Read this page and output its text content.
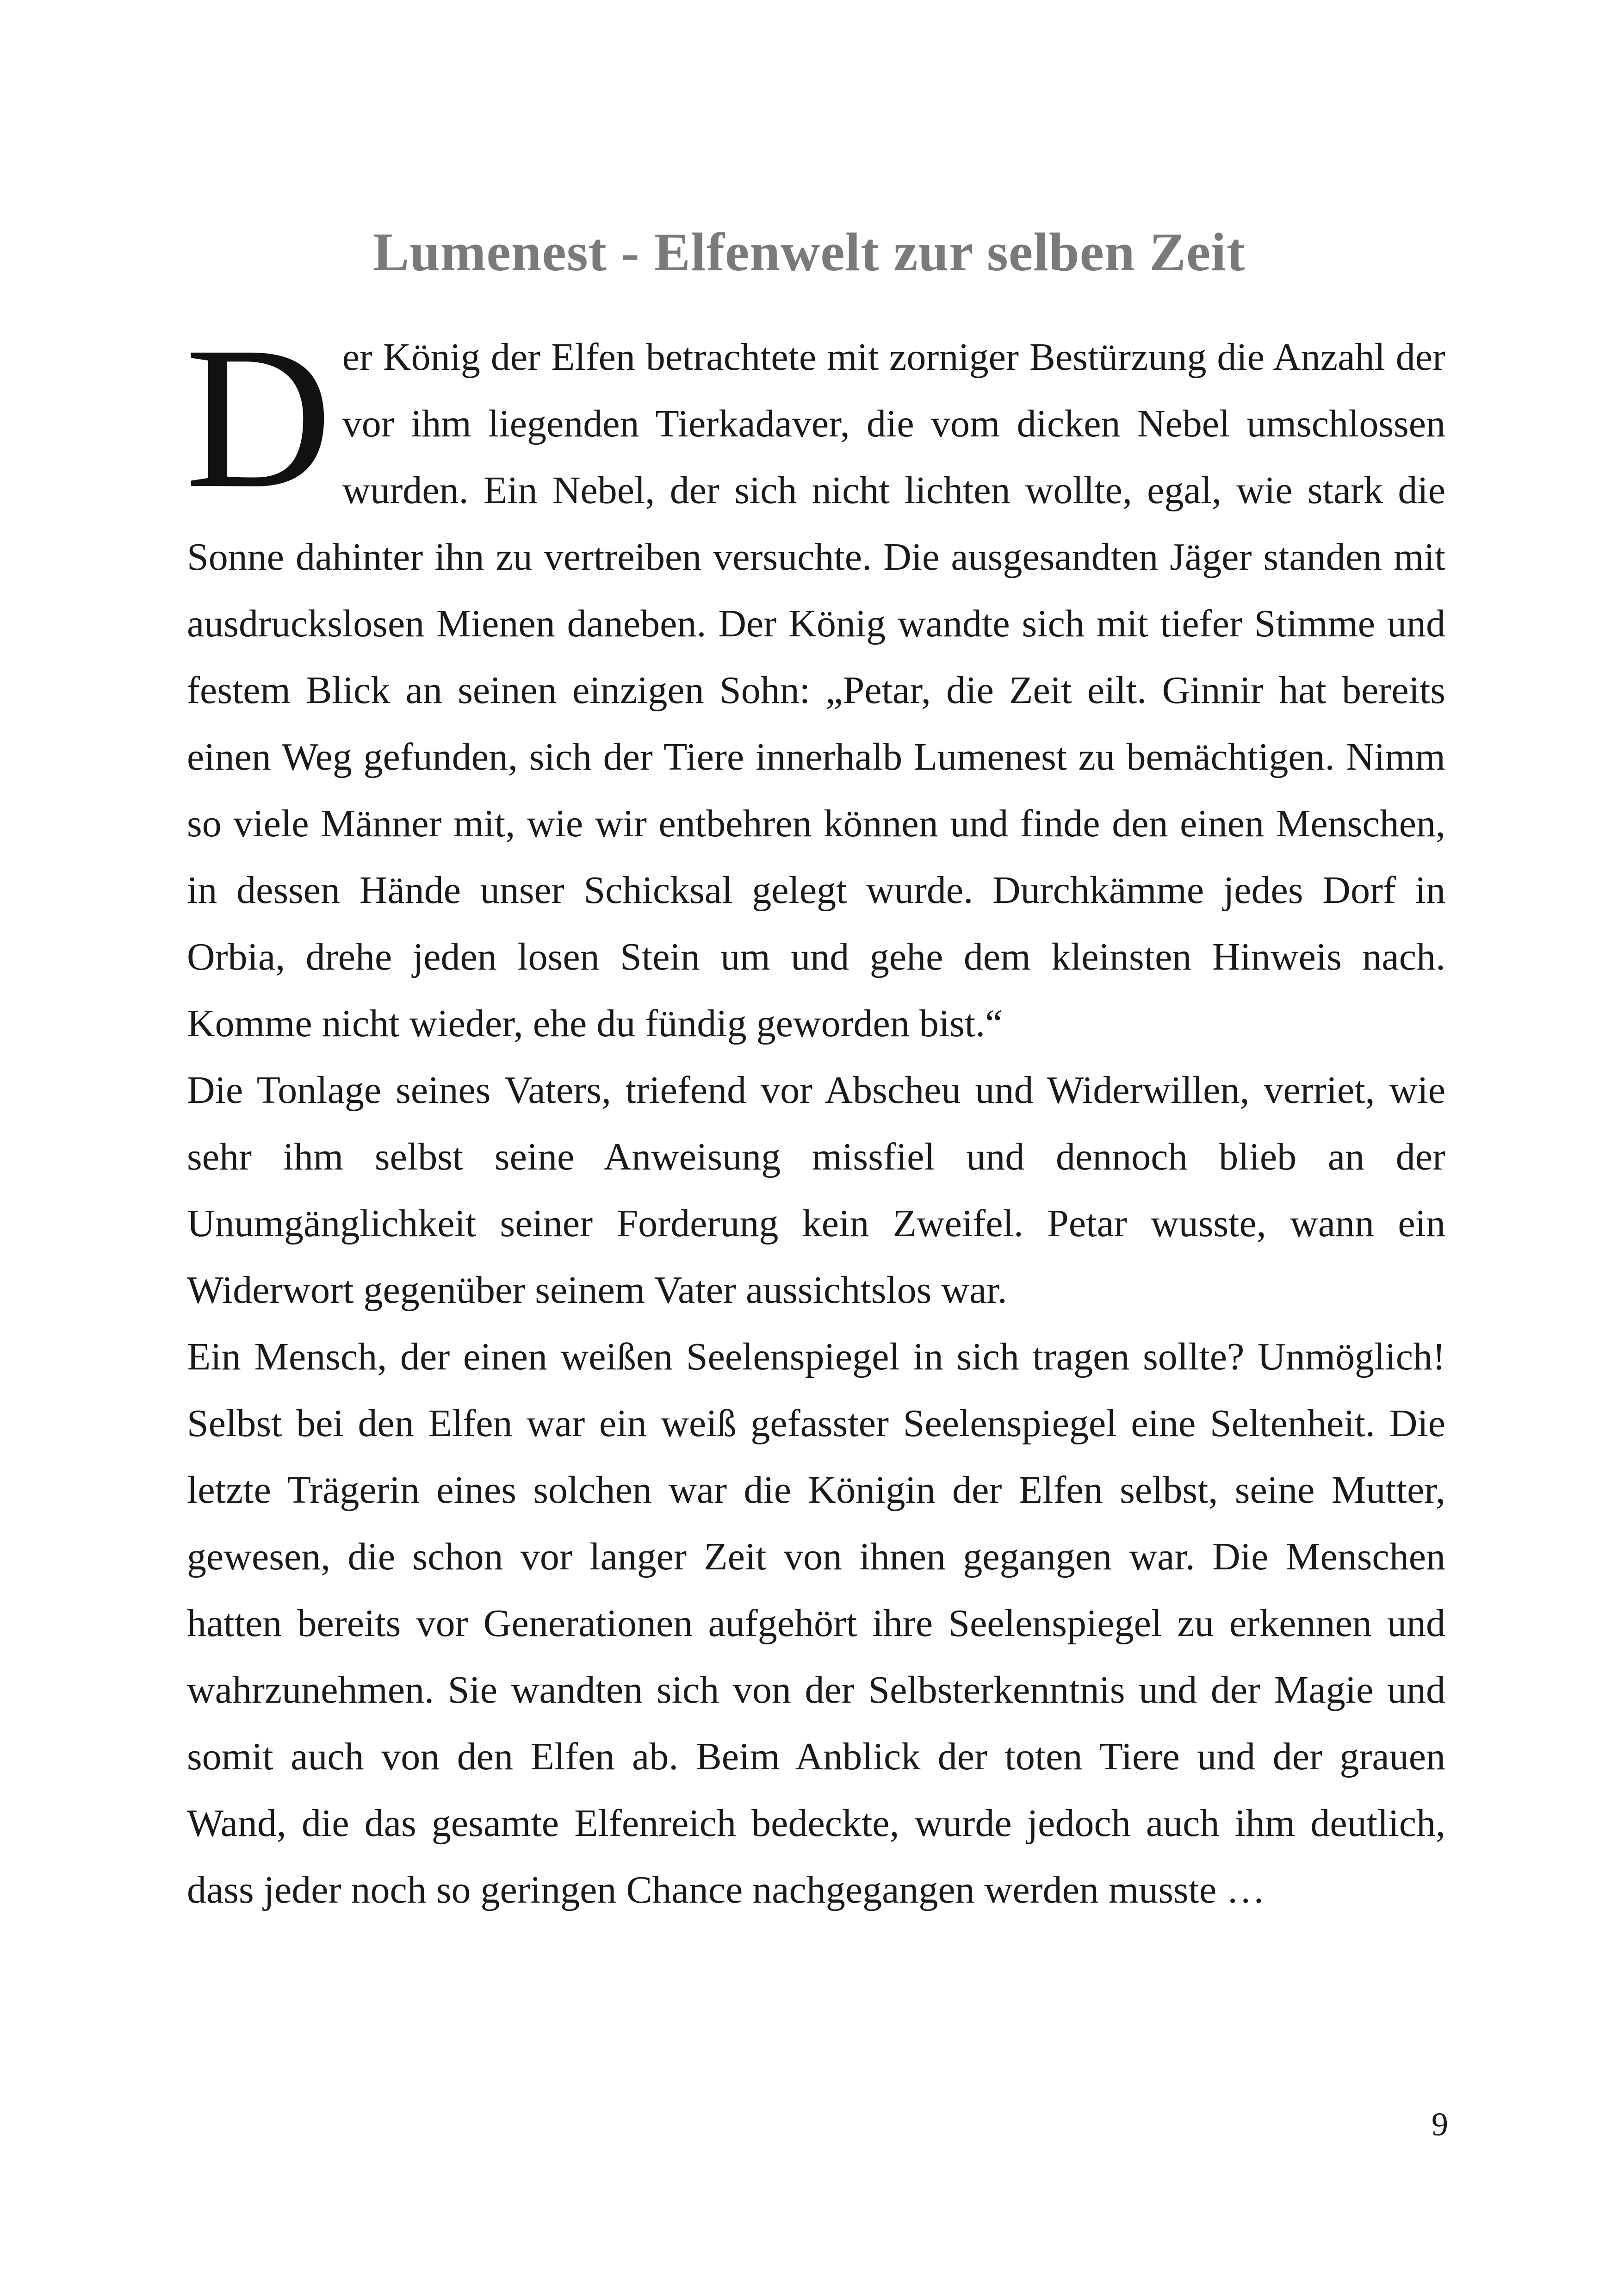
Lumenest - Elfenwelt zur selben Zeit

Der König der Elfen betrachtete mit zorniger Bestürzung die Anzahl der vor ihm liegenden Tierkadaver, die vom dicken Nebel umschlossen wurden. Ein Nebel, der sich nicht lichten wollte, egal, wie stark die Sonne dahinter ihn zu vertreiben versuchte. Die ausgesandten Jäger standen mit ausdruckslosen Mienen daneben. Der König wandte sich mit tiefer Stimme und festem Blick an seinen einzigen Sohn: „Petar, die Zeit eilt. Ginnir hat bereits einen Weg gefunden, sich der Tiere innerhalb Lumenest zu bemächtigen. Nimm so viele Männer mit, wie wir entbehren können und finde den einen Menschen, in dessen Hände unser Schicksal gelegt wurde. Durchkämme jedes Dorf in Orbia, drehe jeden losen Stein um und gehe dem kleinsten Hinweis nach. Komme nicht wieder, ehe du fündig geworden bist.“

Die Tonlage seines Vaters, triefend vor Abscheu und Widerwillen, verriet, wie sehr ihm selbst seine Anweisung missfiel und dennoch blieb an der Unumgänglichkeit seiner Forderung kein Zweifel. Petar wusste, wann ein Widerwort gegenüber seinem Vater aussichtslos war.

Ein Mensch, der einen weißen Seelenspiegel in sich tragen sollte? Unmöglich! Selbst bei den Elfen war ein weiß gefasster Seelenspiegel eine Seltenheit. Die letzte Trägerin eines solchen war die Königin der Elfen selbst, seine Mutter, gewesen, die schon vor langer Zeit von ihnen gegangen war. Die Menschen hatten bereits vor Generationen aufgehört ihre Seelenspiegel zu erkennen und wahrzunehmen. Sie wandten sich von der Selbsterkenntnis und der Magie und somit auch von den Elfen ab. Beim Anblick der toten Tiere und der grauen Wand, die das gesamte Elfenreich bedeckte, wurde jedoch auch ihm deutlich, dass jeder noch so geringen Chance nachgegangen werden musste …

9
